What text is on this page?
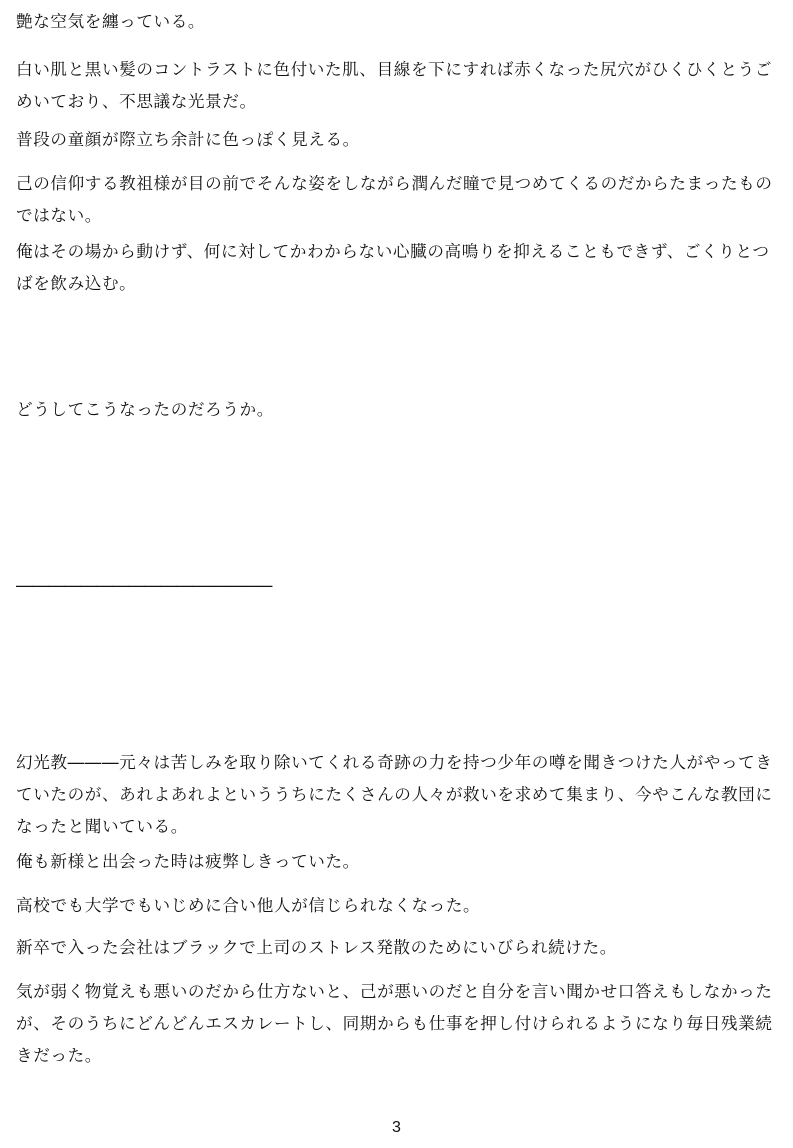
艶な空気を纏っている。

白い肌と黒い髪のコントラストに色付いた肌、目線を下にすれば赤くなった尻穴がひくひくとうごめいており、不思議な光景だ。

普段の童顔が際立ち余計に色っぽく見える。

己の信仰する教祖様が目の前でそんな姿をしながら潤んだ瞳で見つめてくるのだからたまったものではない。

俺はその場から動けず、何に対してかわからない心臓の高鳴りを抑えることもできず、ごくりとつばを飲み込む。

どうしてこうなったのだろうか。

――――――――――――――――

幻光教―――元々は苦しみを取り除いてくれる奇跡の力を持つ少年の噂を聞きつけた人がやってきていたのが、あれよあれよといううちにたくさんの人々が救いを求めて集まり、今やこんな教団になったと聞いている。

俺も新様と出会った時は疲弊しきっていた。

高校でも大学でもいじめに合い他人が信じられなくなった。

新卒で入った会社はブラックで上司のストレス発散のためにいびられ続けた。

気が弱く物覚えも悪いのだから仕方ないと、己が悪いのだと自分を言い聞かせ口答えもしなかったが、そのうちにどんどんエスカレートし、同期からも仕事を押し付けられるようになり毎日残業続きだった。

3
